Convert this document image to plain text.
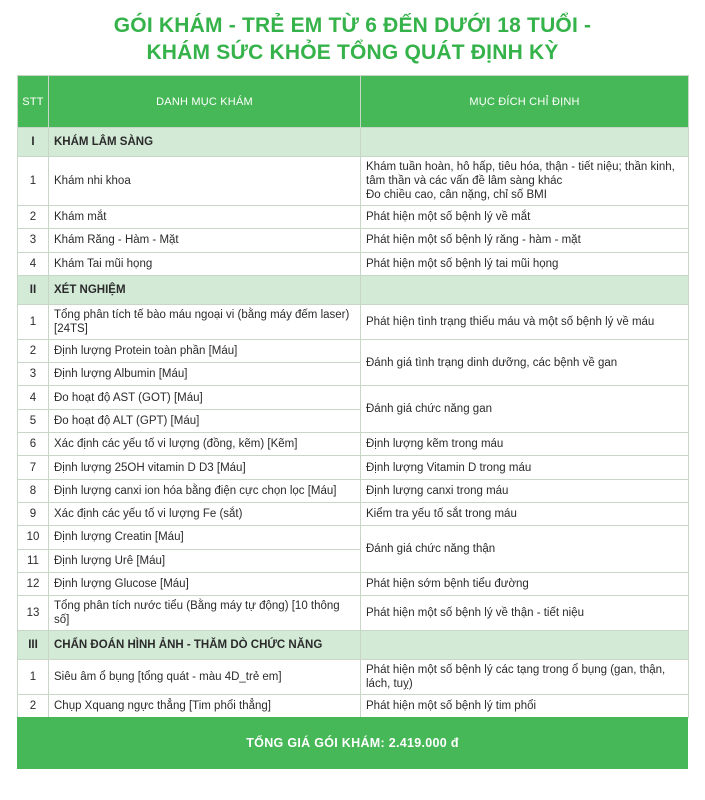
GÓI KHÁM - TRẺ EM TỪ 6 ĐẾN DƯỚI 18 TUỔI -
KHÁM SỨC KHỎE TỔNG QUÁT ĐỊNH KỲ
STT	DANH MỤC KHÁM	MỤC ĐÍCH CHỈ ĐỊNH
I	KHÁM LÂM SÀNG	
1	Khám nhi khoa	Khám tuần hoàn, hô hấp, tiêu hóa, thận - tiết niệu; thần kinh,
tâm thần và các vấn đề lâm sàng khác
Đo chiều cao, cân nặng, chỉ số BMI

2	Khám mắt	Phát hiện một số bệnh lý về mắt

3	Khám Răng - Hàm - Mặt	Phát hiện một số bệnh lý răng - hàm - mặt

4	Khám Tai mũi họng	Phát hiện một số bệnh lý tai mũi họng

II	XÉT NGHIỆM	
1	Tổng phân tích tế bào máu ngoại vi (bằng máy đếm laser) [24TS]	Phát hiện tình trạng thiếu máu và một số bệnh lý về máu

2	Định lượng Protein toàn phần [Máu]	Đánh giá tình trạng dinh dưỡng, các bệnh về gan

3	Định lượng Albumin [Máu]	
4	Đo hoạt độ AST (GOT) [Máu]	Đánh giá chức năng gan

5	Đo hoạt độ ALT (GPT) [Máu]	
6	Xác định các yếu tố vi lượng (đồng, kẽm) [Kẽm]	Định lượng kẽm trong máu

7	Định lượng 25OH vitamin D D3 [Máu]	Định lượng Vitamin D trong máu

8	Định lượng canxi ion hóa bằng điện cực chọn lọc [Máu]	Định lượng canxi trong máu

9	Xác định các yếu tố vi lượng Fe (sắt)	Kiểm tra yếu tố sắt trong máu

10	Định lượng Creatin [Máu]	Đánh giá chức năng thận

11	Định lượng Urê [Máu]	
12	Định lượng Glucose [Máu]	Phát hiện sớm bệnh tiểu đường

13	Tổng phân tích nước tiểu (Bằng máy tự động) [10 thông số]	Phát hiện một số bệnh lý về thận - tiết niệu

III	CHẨN ĐOÁN HÌNH ẢNH - THĂM DÒ CHỨC NĂNG	
1	Siêu âm ổ bụng [tổng quát - màu 4D_trẻ em]	Phát hiện một số bệnh lý các tạng trong ổ bụng (gan, thận,
lách, tuỵ)

2	Chụp Xquang ngực thẳng [Tim phổi thẳng]	Phát hiện một số bệnh lý tim phổi
TỔNG GIÁ GÓI KHÁM: 2.419.000 đ
